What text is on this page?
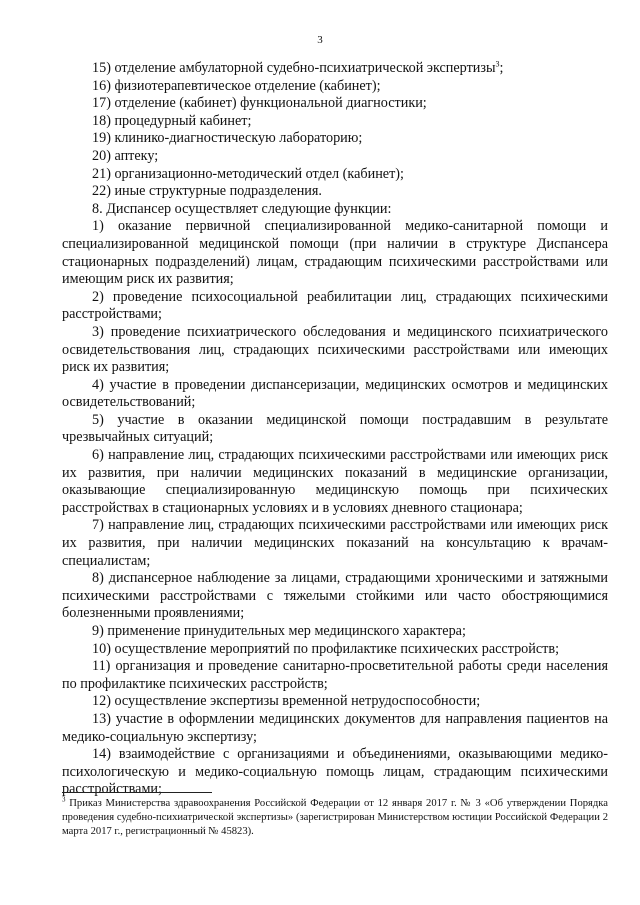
3

15) отделение амбулаторной судебно-психиатрической экспертизы$^3$;

16) физиотерапевтическое отделение (кабинет);

17) отделение (кабинет) функциональной диагностики;

18) процедурный кабинет;

19) клинико-диагностическую лабораторию;

20) аптеку;

21) организационно-методический отдел (кабинет);

22) иные структурные подразделения.

8. Диспансер осуществляет следующие функции:

1) оказание первичной специализированной медико-санитарной помощи и специализированной медицинской помощи (при наличии в структуре Диспансера стационарных подразделений) лицам, страдающим психическими расстройствами или имеющим риск их развития;

2) проведение психосоциальной реабилитации лиц, страдающих психическими расстройствами;

3) проведение психиатрического обследования и медицинского психиатрического освидетельствования лиц, страдающих психическими расстройствами или имеющих риск их развития;

4) участие в проведении диспансеризации, медицинских осмотров и медицинских освидетельствований;

5) участие в оказании медицинской помощи пострадавшим в результате чрезвычайных ситуаций;

6) направление лиц, страдающих психическими расстройствами или имеющих риск их развития, при наличии медицинских показаний в медицинские организации, оказывающие специализированную медицинскую помощь при психических расстройствах в стационарных условиях и в условиях дневного стационара;

7) направление лиц, страдающих психическими расстройствами или имеющих риск их развития, при наличии медицинских показаний на консультацию к врачам-специалистам;

8) диспансерное наблюдение за лицами, страдающими хроническими и затяжными психическими расстройствами с тяжелыми стойкими или часто обостряющимися болезненными проявлениями;

9) применение принудительных мер медицинского характера;

10) осуществление мероприятий по профилактике психических расстройств;

11) организация и проведение санитарно-просветительной работы среди населения по профилактике психических расстройств;

12) осуществление экспертизы временной нетрудоспособности;

13) участие в оформлении медицинских документов для направления пациентов на медико-социальную экспертизу;

14) взаимодействие с организациями и объединениями, оказывающими медико-психологическую и медико-социальную помощь лицам, страдающим психическими расстройствами;

$^3$ Приказ Министерства здравоохранения Российской Федерации от 12 января 2017 г. № 3 «Об утверждении Порядка проведения судебно-психиатрической экспертизы» (зарегистрирован Министерством юстиции Российской Федерации 2 марта 2017 г., регистрационный № 45823).
